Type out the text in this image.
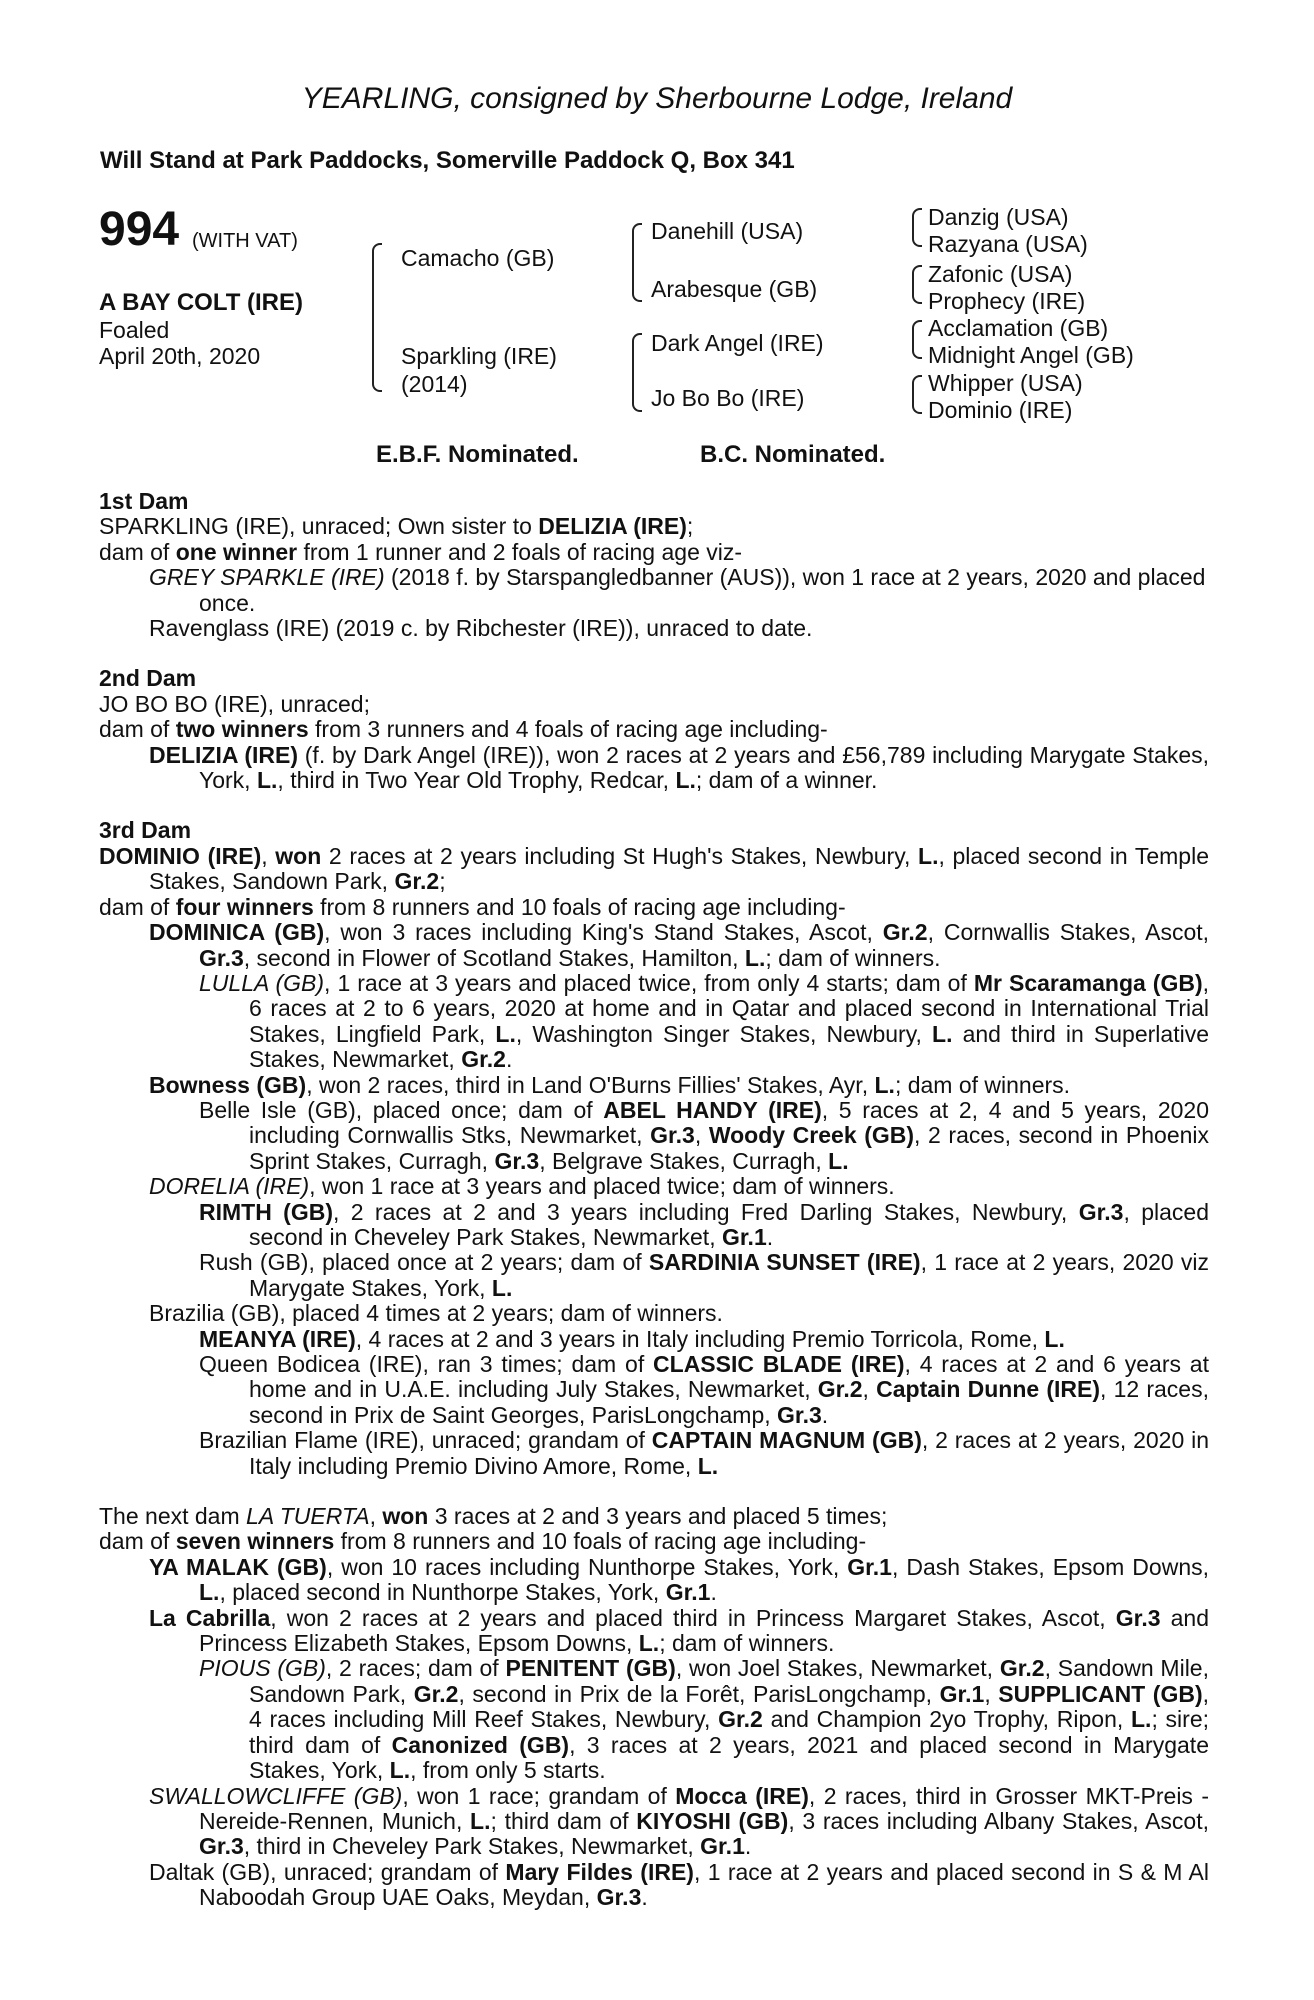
YEARLING, consigned by Sherbourne Lodge, Ireland
Will Stand at Park Paddocks, Somerville Paddock Q, Box 341
994 (WITH VAT)
A BAY COLT (IRE)
Foaled
April 20th, 2020
Camacho (GB)
Sparkling (IRE)
(2014)
Danehill (USA)
Arabesque (GB)
Dark Angel (IRE)
Jo Bo Bo (IRE)
Danzig (USA)
Razyana (USA)
Zafonic (USA)
Prophecy (IRE)
Acclamation (GB)
Midnight Angel (GB)
Whipper (USA)
Dominio (IRE)
E.B.F. Nominated.	B.C. Nominated.

1st Dam

SPARKLING (IRE), unraced; Own sister to DELIZIA (IRE);

dam of one winner from 1 runner and 2 foals of racing age viz-

GREY SPARKLE (IRE) (2018 f. by Starspangledbanner (AUS)), won 1 race at 2 years, 2020 and placed once.

Ravenglass (IRE) (2019 c. by Ribchester (IRE)), unraced to date.

2nd Dam

JO BO BO (IRE), unraced;

dam of two winners from 3 runners and 4 foals of racing age including-

DELIZIA (IRE) (f. by Dark Angel (IRE)), won 2 races at 2 years and £56,789 including Marygate Stakes, York, L., third in Two Year Old Trophy, Redcar, L.; dam of a winner.

3rd Dam

DOMINIO (IRE), won 2 races at 2 years including St Hugh's Stakes, Newbury, L., placed second in Temple Stakes, Sandown Park, Gr.2;

dam of four winners from 8 runners and 10 foals of racing age including-

DOMINICA (GB), won 3 races including King's Stand Stakes, Ascot, Gr.2, Cornwallis Stakes, Ascot, Gr.3, second in Flower of Scotland Stakes, Hamilton, L.; dam of winners.

LULLA (GB), 1 race at 3 years and placed twice, from only 4 starts; dam of Mr Scaramanga (GB), 6 races at 2 to 6 years, 2020 at home and in Qatar and placed second in International Trial Stakes, Lingfield Park, L., Washington Singer Stakes, Newbury, L. and third in Superlative Stakes, Newmarket, Gr.2.

Bowness (GB), won 2 races, third in Land O'Burns Fillies' Stakes, Ayr, L.; dam of winners.

Belle Isle (GB), placed once; dam of ABEL HANDY (IRE), 5 races at 2, 4 and 5 years, 2020 including Cornwallis Stks, Newmarket, Gr.3, Woody Creek (GB), 2 races, second in Phoenix Sprint Stakes, Curragh, Gr.3, Belgrave Stakes, Curragh, L.

DORELIA (IRE), won 1 race at 3 years and placed twice; dam of winners.

RIMTH (GB), 2 races at 2 and 3 years including Fred Darling Stakes, Newbury, Gr.3, placed second in Cheveley Park Stakes, Newmarket, Gr.1.

Rush (GB), placed once at 2 years; dam of SARDINIA SUNSET (IRE), 1 race at 2 years, 2020 viz Marygate Stakes, York, L.

Brazilia (GB), placed 4 times at 2 years; dam of winners.

MEANYA (IRE), 4 races at 2 and 3 years in Italy including Premio Torricola, Rome, L.

Queen Bodicea (IRE), ran 3 times; dam of CLASSIC BLADE (IRE), 4 races at 2 and 6 years at home and in U.A.E. including July Stakes, Newmarket, Gr.2, Captain Dunne (IRE), 12 races, second in Prix de Saint Georges, ParisLongchamp, Gr.3.

Brazilian Flame (IRE), unraced; grandam of CAPTAIN MAGNUM (GB), 2 races at 2 years, 2020 in Italy including Premio Divino Amore, Rome, L.

The next dam LA TUERTA, won 3 races at 2 and 3 years and placed 5 times;

dam of seven winners from 8 runners and 10 foals of racing age including-

YA MALAK (GB), won 10 races including Nunthorpe Stakes, York, Gr.1, Dash Stakes, Epsom Downs, L., placed second in Nunthorpe Stakes, York, Gr.1.

La Cabrilla, won 2 races at 2 years and placed third in Princess Margaret Stakes, Ascot, Gr.3 and Princess Elizabeth Stakes, Epsom Downs, L.; dam of winners.

PIOUS (GB), 2 races; dam of PENITENT (GB), won Joel Stakes, Newmarket, Gr.2, Sandown Mile, Sandown Park, Gr.2, second in Prix de la Forêt, ParisLongchamp, Gr.1, SUPPLICANT (GB), 4 races including Mill Reef Stakes, Newbury, Gr.2 and Champion 2yo Trophy, Ripon, L.; sire; third dam of Canonized (GB), 3 races at 2 years, 2021 and placed second in Marygate Stakes, York, L., from only 5 starts.

SWALLOWCLIFFE (GB), won 1 race; grandam of Mocca (IRE), 2 races, third in Grosser MKT-Preis - Nereide-Rennen, Munich, L.; third dam of KIYOSHI (GB), 3 races including Albany Stakes, Ascot, Gr.3, third in Cheveley Park Stakes, Newmarket, Gr.1.

Daltak (GB), unraced; grandam of Mary Fildes (IRE), 1 race at 2 years and placed second in S & M Al Naboodah Group UAE Oaks, Meydan, Gr.3.
